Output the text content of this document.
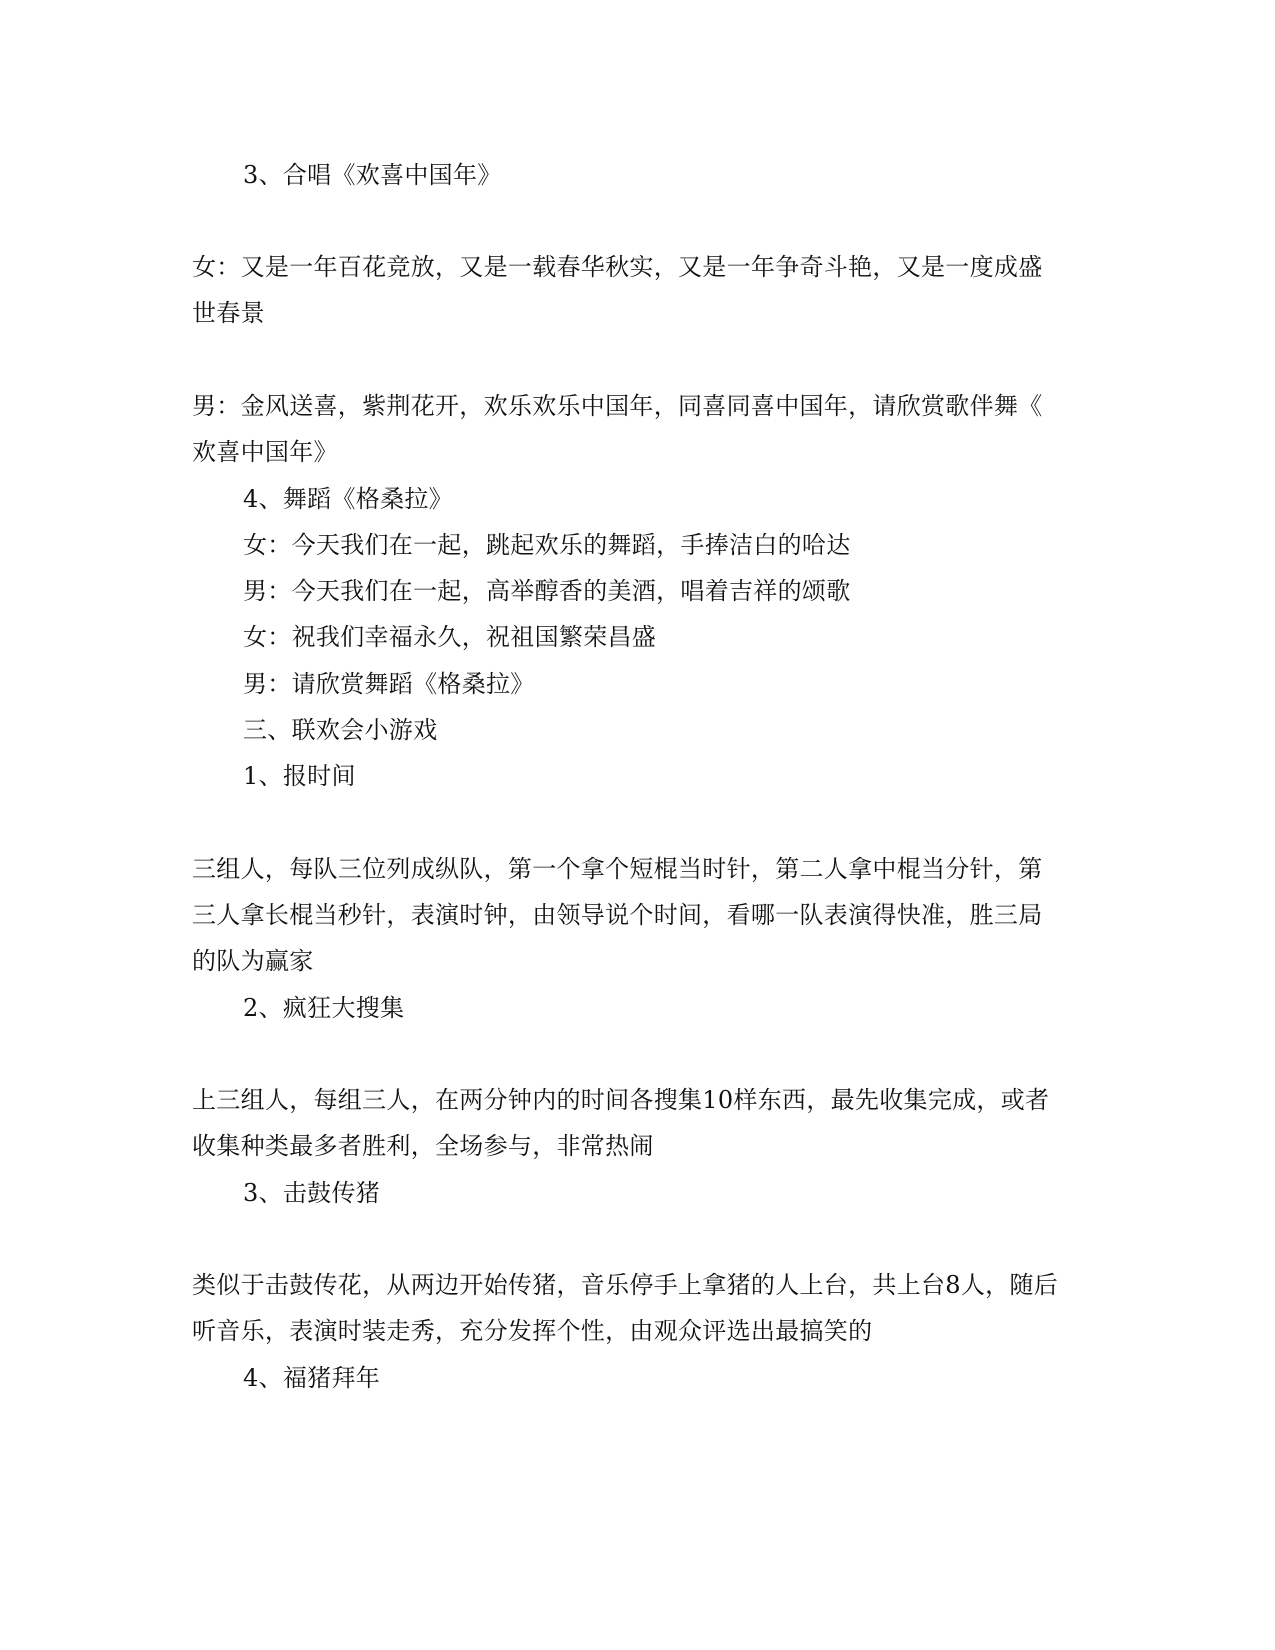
3、合唱《欢喜中国年》
女：又是一年百花竞放，又是一载春华秋实，又是一年争奇斗艳，又是一度成盛
世春景
男：金风送喜，紫荆花开，欢乐欢乐中国年，同喜同喜中国年，请欣赏歌伴舞《
欢喜中国年》
4、舞蹈《格桑拉》
女：今天我们在一起，跳起欢乐的舞蹈，手捧洁白的哈达
男：今天我们在一起，高举醇香的美酒，唱着吉祥的颂歌
女：祝我们幸福永久，祝祖国繁荣昌盛
男：请欣赏舞蹈《格桑拉》
三、联欢会小游戏
1、报时间
三组人，每队三位列成纵队，第一个拿个短棍当时针，第二人拿中棍当分针，第
三人拿长棍当秒针，表演时钟，由领导说个时间，看哪一队表演得快准，胜三局
的队为赢家
2、疯狂大搜集
上三组人，每组三人，在两分钟内的时间各搜集10样东西，最先收集完成，或者
收集种类最多者胜利，全场参与，非常热闹
3、击鼓传猪
类似于击鼓传花，从两边开始传猪，音乐停手上拿猪的人上台，共上台8人，随后
听音乐，表演时装走秀，充分发挥个性，由观众评选出最搞笑的
4、福猪拜年
